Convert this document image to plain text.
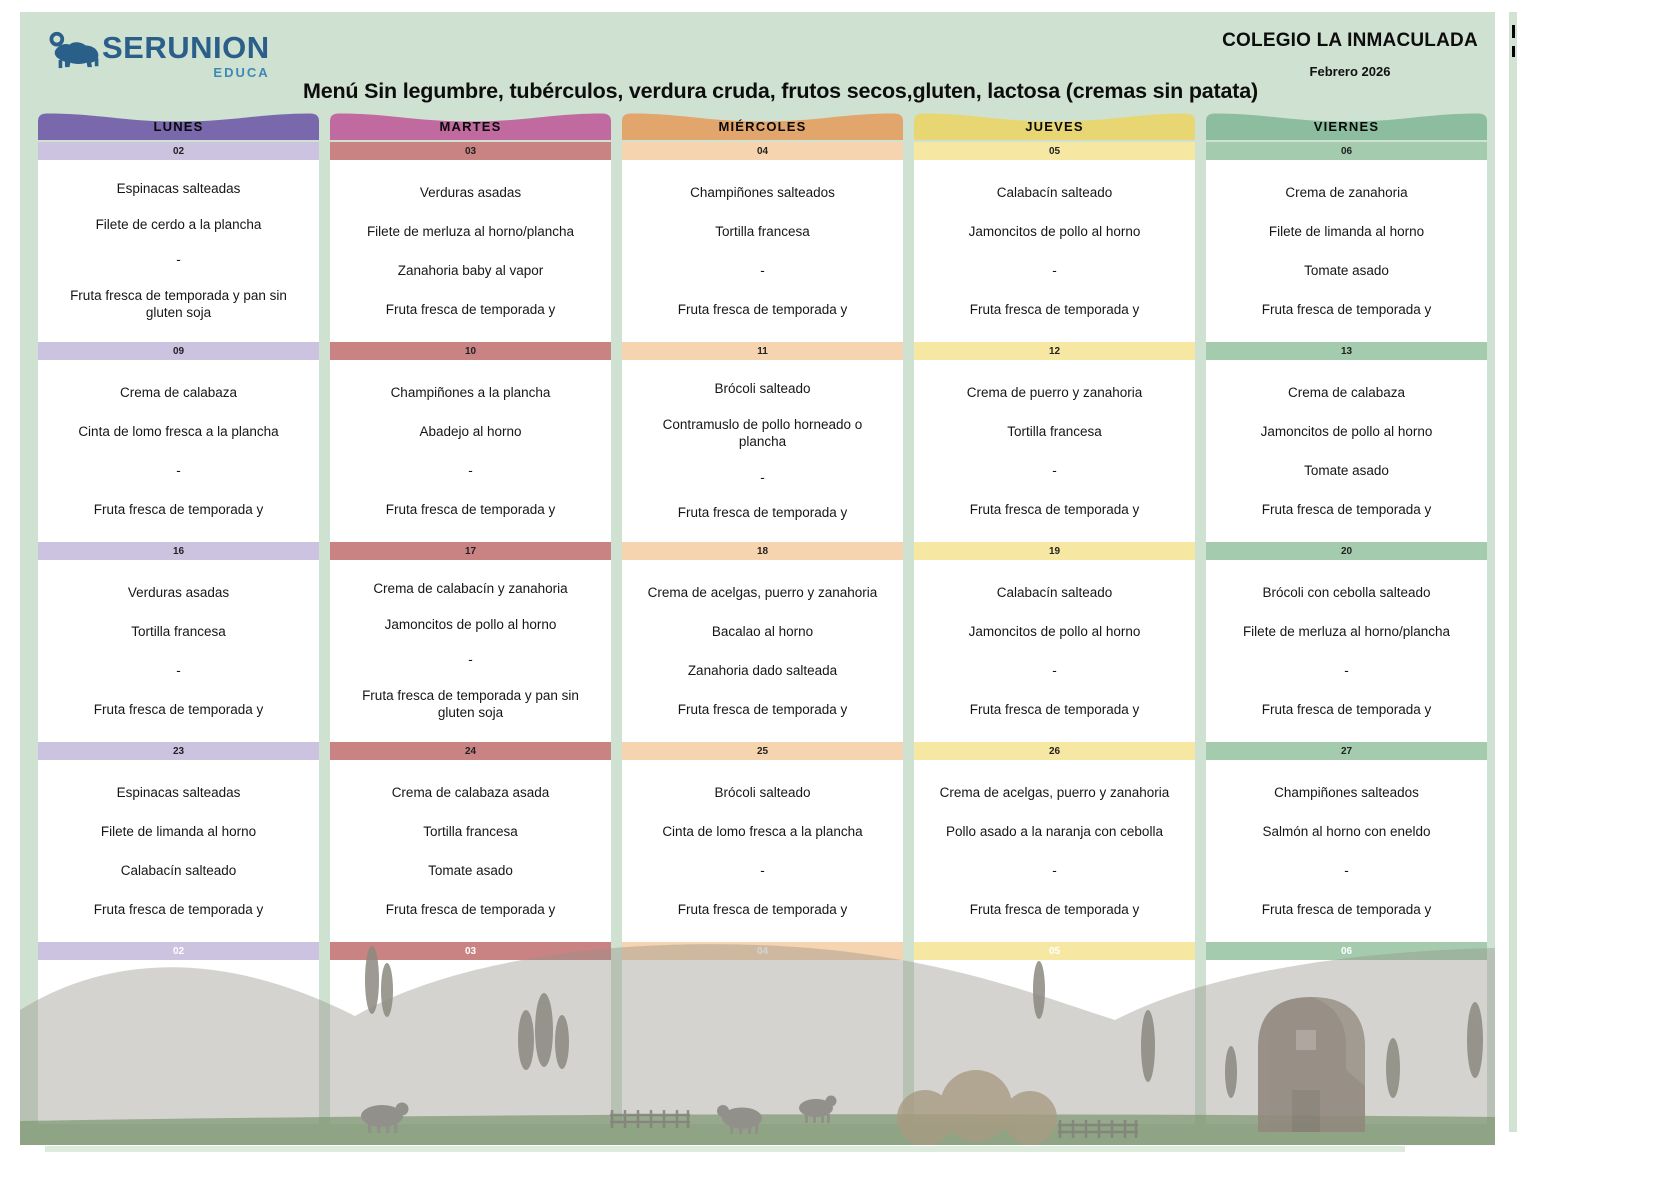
SERUNION
EDUCA
COLEGIO LA INMACULADA
Febrero 2026
Menú Sin legumbre, tubérculos, verdura cruda, frutos secos,gluten, lactosa (cremas sin patata)
LUNES
02
Espinacas salteadas
Filete de cerdo a la plancha
-
Fruta fresca de temporada y pan sin gluten soja
09
Crema de calabaza
Cinta de lomo fresca a la plancha
-
Fruta fresca de temporada y
16
Verduras asadas
Tortilla francesa
-
Fruta fresca de temporada y
23
Espinacas salteadas
Filete de limanda al horno
Calabacín salteado
Fruta fresca de temporada y
02
MARTES
03
Verduras asadas
Filete de merluza al horno/plancha
Zanahoria baby al vapor
Fruta fresca de temporada y
10
Champiñones a la plancha
Abadejo al horno
-
Fruta fresca de temporada y
17
Crema de calabacín y zanahoria
Jamoncitos de pollo al horno
-
Fruta fresca de temporada y pan sin gluten soja
24
Crema de calabaza asada
Tortilla francesa
Tomate asado
Fruta fresca de temporada y
03
MIÉRCOLES
04
Champiñones salteados
Tortilla francesa
-
Fruta fresca de temporada y
11
Brócoli salteado
Contramuslo de pollo horneado o plancha
-
Fruta fresca de temporada y
18
Crema de acelgas, puerro y zanahoria
Bacalao al horno
Zanahoria dado salteada
Fruta fresca de temporada y
25
Brócoli salteado
Cinta de lomo fresca a la plancha
-
Fruta fresca de temporada y
04
JUEVES
05
Calabacín salteado
Jamoncitos de pollo al horno
-
Fruta fresca de temporada y
12
Crema de puerro y zanahoria
Tortilla francesa
-
Fruta fresca de temporada y
19
Calabacín salteado
Jamoncitos de pollo al horno
-
Fruta fresca de temporada y
26
Crema de acelgas, puerro y zanahoria
Pollo asado a la naranja con cebolla
-
Fruta fresca de temporada y
05
VIERNES
06
Crema de zanahoria
Filete de limanda al horno
Tomate asado
Fruta fresca de temporada y
13
Crema de calabaza
Jamoncitos de pollo al horno
Tomate asado
Fruta fresca de temporada y
20
Brócoli con cebolla salteado
Filete de merluza al horno/plancha
-
Fruta fresca de temporada y
27
Champiñones salteados
Salmón al horno con eneldo
-
Fruta fresca de temporada y
06
